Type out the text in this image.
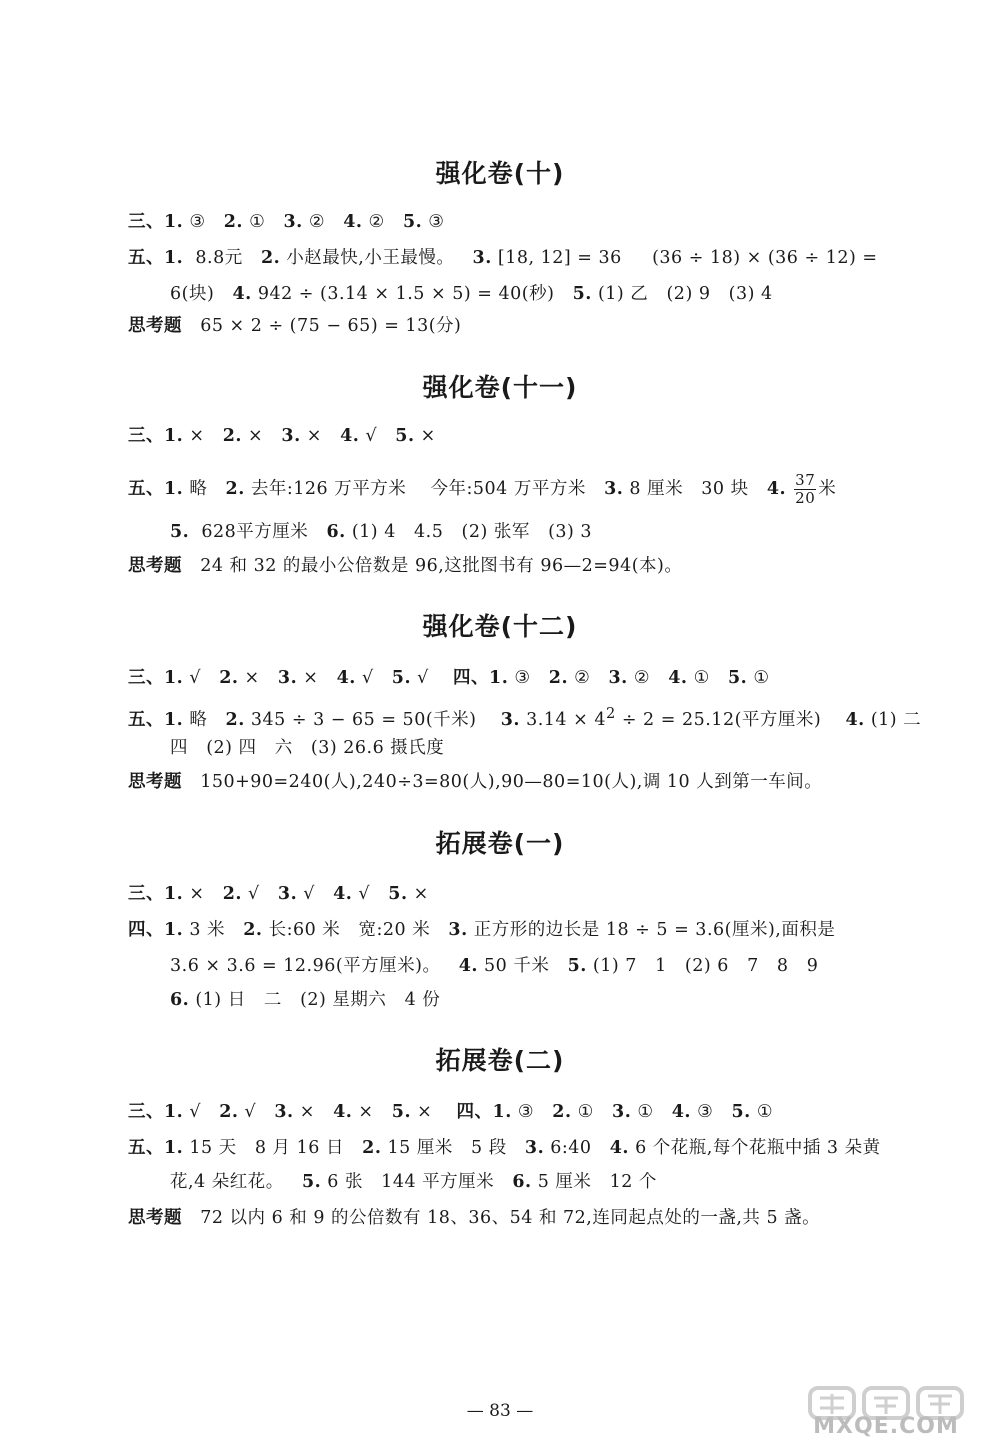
强化卷(十)
三、1. ③   2. ①   3. ②   4. ②   5. ③
五、1.  8.8元   2. 小赵最快,小王最慢。   3. [18, 12] = 36     (36 ÷ 18) × (36 ÷ 12) =
6(块)   4. 942 ÷ (3.14 × 1.5 × 5) = 40(秒)   5. (1) 乙   (2) 9   (3) 4
思考题   65 × 2 ÷ (75 − 65) = 13(分)
强化卷(十一)
三、1. ×   2. ×   3. ×   4. √   5. ×
五、1. 略   2. 去年:126 万平方米    今年:504 万平方米   3. 8 厘米   30 块   4. $\frac{37}{20}$ 米
5.  628平方厘米   6. (1) 4   4.5   (2) 张军   (3) 3
思考题   24 和 32 的最小公倍数是 96,这批图书有 96—2=94(本)。
强化卷(十二)
三、1. √   2. ×   3. ×   4. √   5. √    四、1. ③   2. ②   3. ②   4. ①   5. ①
五、1. 略   2. 345 ÷ 3 − 65 = 50(千米)    3. $3.14 \times 4^2 \div 2 = 25.12$(平方厘米)    4. (1) 二
四   (2) 四   六   (3) 26.6 摄氏度
思考题   150+90=240(人),240÷3=80(人),90—80=10(人),调 10 人到第一车间。
拓展卷(一)
三、1. ×   2. √   3. √   4. √   5. ×
四、1. 3 米   2. 长:60 米   宽:20 米   3. 正方形的边长是 18 ÷ 5 = 3.6(厘米),面积是
3.6 × 3.6 = 12.96(平方厘米)。   4. 50 千米   5. (1) 7   1   (2) 6   7   8   9
6. (1) 日   二   (2) 星期六   4 份
拓展卷(二)
三、1. √   2. √   3. ×   4. ×   5. ×    四、1. ③   2. ①   3. ①   4. ③   5. ①
五、1. 15 天   8 月 16 日   2. 15 厘米   5 段   3. 6:40   4. 6 个花瓶,每个花瓶中插 3 朵黄
花,4 朵红花。   5. 6 张   144 平方厘米   6. 5 厘米   12 个
思考题   72 以内 6 和 9 的公倍数有 18、36、54 和 72,连同起点处的一盏,共 5 盏。
— 83 —
MXQE.COM
